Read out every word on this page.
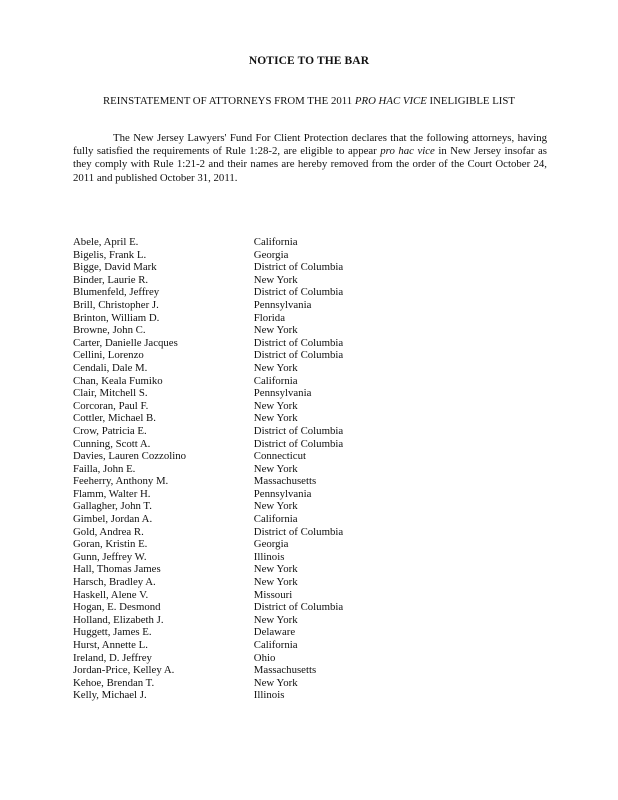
NOTICE TO THE BAR
REINSTATEMENT OF ATTORNEYS FROM THE 2011 PRO HAC VICE INELIGIBLE LIST

The New Jersey Lawyers' Fund For Client Protection declares that the following attorneys, having fully satisfied the requirements of Rule 1:28-2, are eligible to appear pro hac vice in New Jersey insofar as they comply with Rule 1:21-2 and their names are hereby removed from the order of the Court October 24, 2011 and published October 31, 2011.

Abele, April E.	California
Bigelis, Frank L.	Georgia
Bigge, David Mark	District of Columbia
Binder, Laurie R.	New York
Blumenfeld, Jeffrey	District of Columbia
Brill, Christopher J.	Pennsylvania
Brinton, William D.	Florida
Browne, John C.	New York
Carter, Danielle Jacques	District of Columbia
Cellini, Lorenzo	District of Columbia
Cendali, Dale M.	New York
Chan, Keala Fumiko	California
Clair, Mitchell S.	Pennsylvania
Corcoran, Paul F.	New York
Cottler, Michael B.	New York
Crow, Patricia E.	District of Columbia
Cunning, Scott A.	District of Columbia
Davies, Lauren Cozzolino	Connecticut
Failla, John E.	New York
Feeherry, Anthony M.	Massachusetts
Flamm, Walter H.	Pennsylvania
Gallagher, John T.	New York
Gimbel, Jordan A.	California
Gold, Andrea R.	District of Columbia
Goran, Kristin E.	Georgia
Gunn, Jeffrey W.	Illinois
Hall, Thomas James	New York
Harsch, Bradley A.	New York
Haskell, Alene V.	Missouri
Hogan, E. Desmond	District of Columbia
Holland, Elizabeth J.	New York
Huggett, James E.	Delaware
Hurst, Annette L.	California
Ireland, D. Jeffrey	Ohio
Jordan-Price, Kelley A.	Massachusetts
Kehoe, Brendan T.	New York
Kelly, Michael J.	Illinois
